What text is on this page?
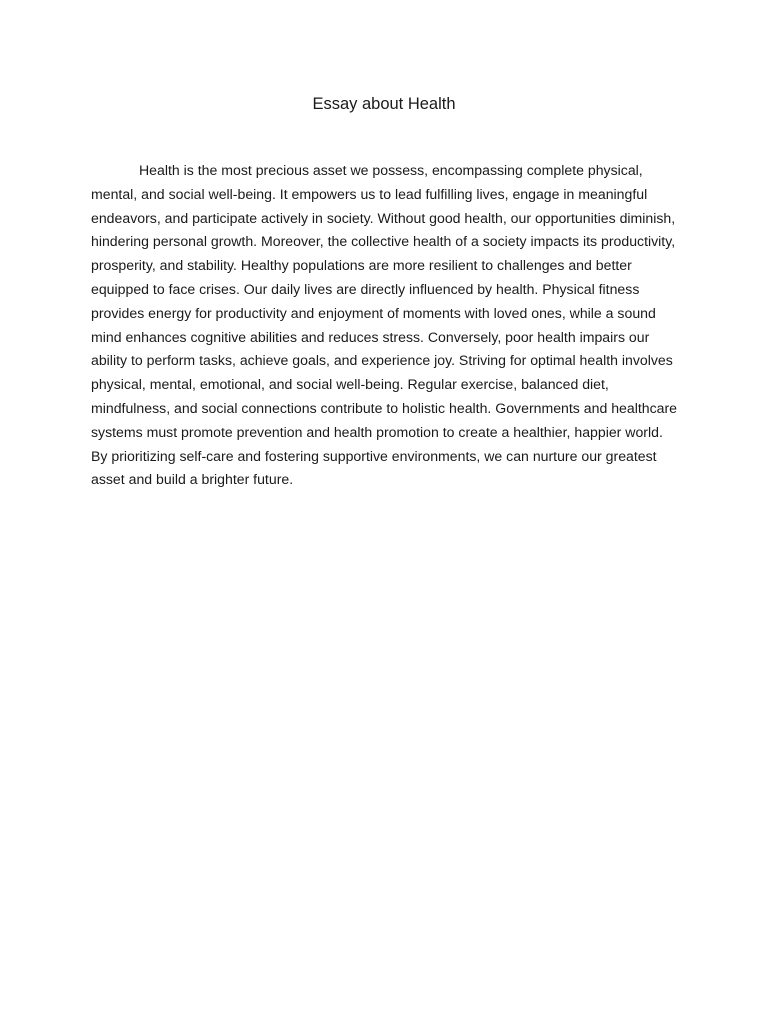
Essay about Health

Health is the most precious asset we possess, encompassing complete physical, mental, and social well-being. It empowers us to lead fulfilling lives, engage in meaningful endeavors, and participate actively in society. Without good health, our opportunities diminish, hindering personal growth. Moreover, the collective health of a society impacts its productivity, prosperity, and stability. Healthy populations are more resilient to challenges and better equipped to face crises. Our daily lives are directly influenced by health. Physical fitness provides energy for productivity and enjoyment of moments with loved ones, while a sound mind enhances cognitive abilities and reduces stress. Conversely, poor health impairs our ability to perform tasks, achieve goals, and experience joy. Striving for optimal health involves physical, mental, emotional, and social well-being. Regular exercise, balanced diet, mindfulness, and social connections contribute to holistic health. Governments and healthcare systems must promote prevention and health promotion to create a healthier, happier world. By prioritizing self-care and fostering supportive environments, we can nurture our greatest asset and build a brighter future.
